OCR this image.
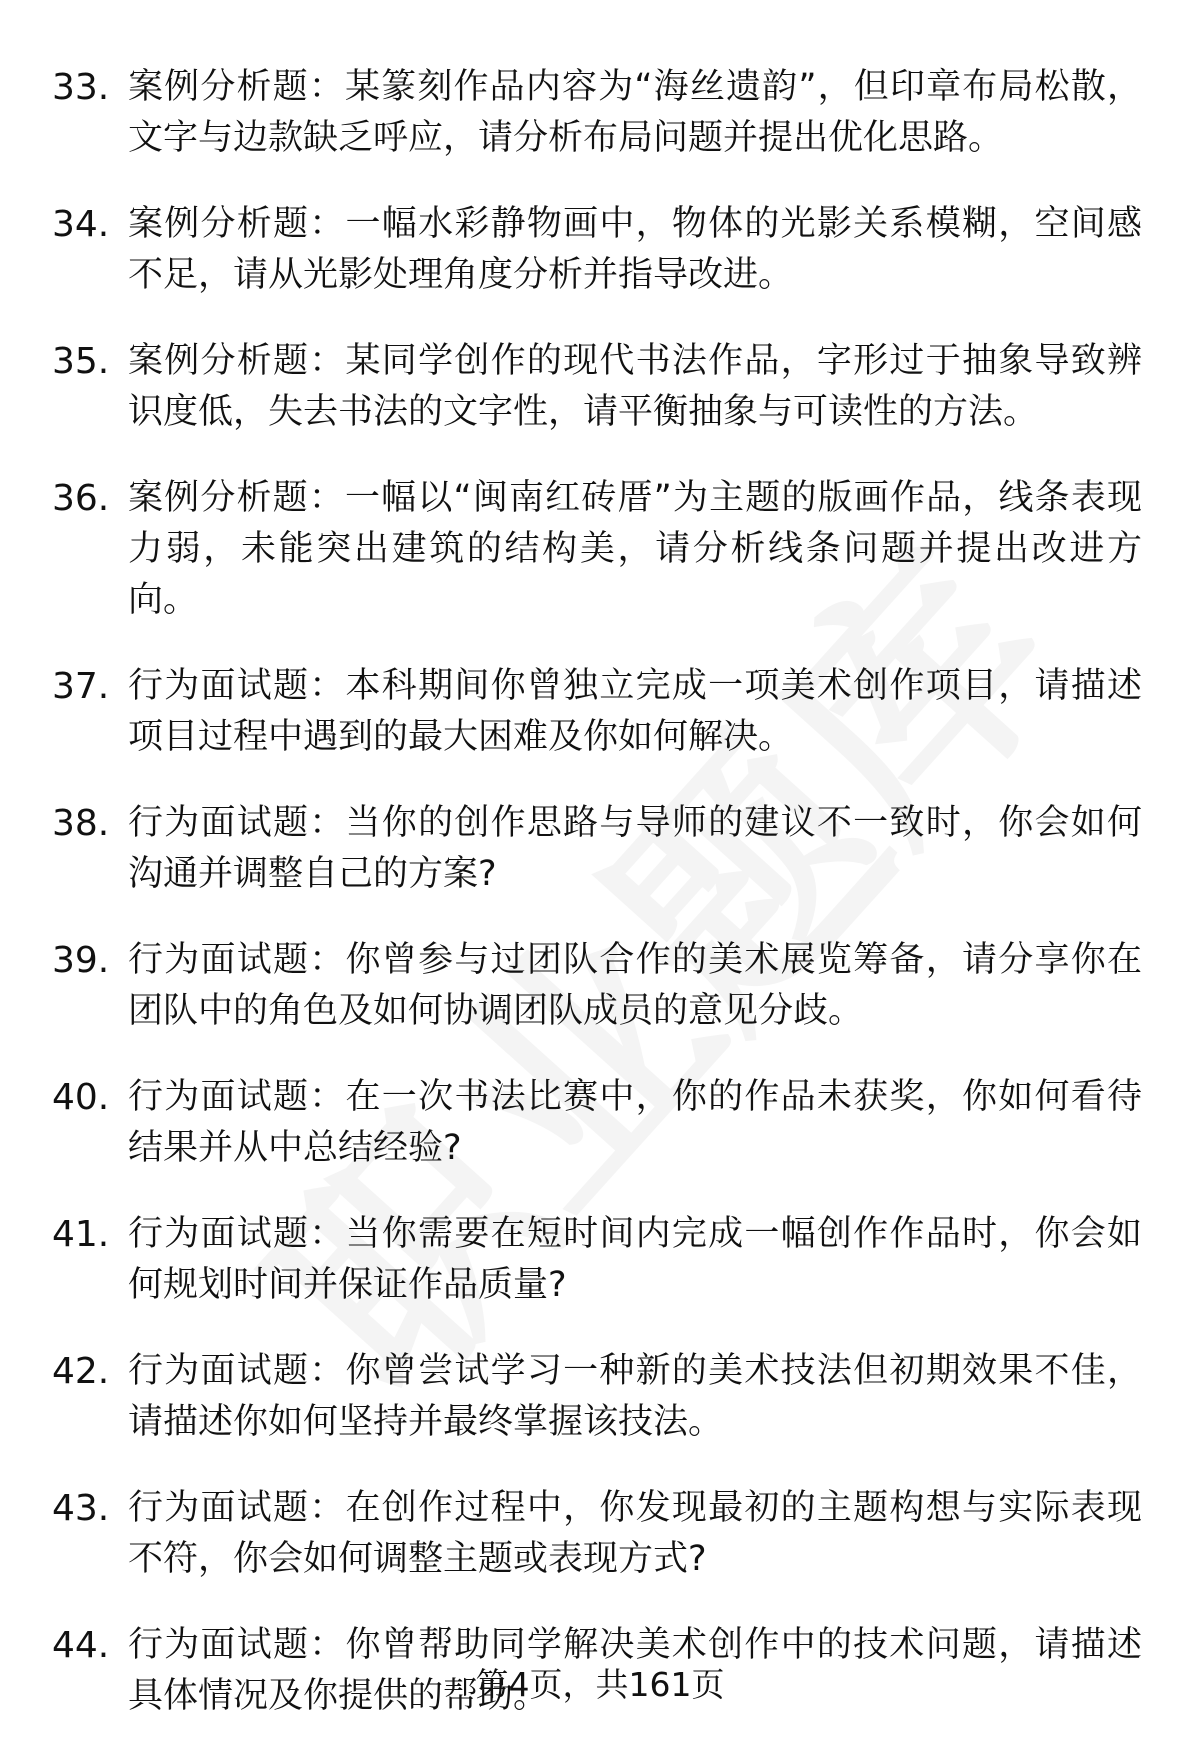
33. 案例分析题：某篆刻作品内容为“海丝遗韵”，但印章布局松散，文字与边款缺乏呼应，请分析布局问题并提出优化思路。
34. 案例分析题：一幅水彩静物画中，物体的光影关系模糊，空间感不足，请从光影处理角度分析并指导改进。
35. 案例分析题：某同学创作的现代书法作品，字形过于抽象导致辨识度低，失去书法的文字性，请平衡抽象与可读性的方法。
36. 案例分析题：一幅以“闽南红砖厝”为主题的版画作品，线条表现力弱，未能突出建筑的结构美，请分析线条问题并提出改进方向。
37. 行为面试题：本科期间你曾独立完成一项美术创作项目，请描述项目过程中遇到的最大困难及你如何解决。
38. 行为面试题：当你的创作思路与导师的建议不一致时，你会如何沟通并调整自己的方案?
39. 行为面试题：你曾参与过团队合作的美术展览筹备，请分享你在团队中的角色及如何协调团队成员的意见分歧。
40. 行为面试题：在一次书法比赛中，你的作品未获奖，你如何看待结果并从中总结经验?
41. 行为面试题：当你需要在短时间内完成一幅创作作品时，你会如何规划时间并保证作品质量?
42. 行为面试题：你曾尝试学习一种新的美术技法但初期效果不佳，请描述你如何坚持并最终掌握该技法。
43. 行为面试题：在创作过程中，你发现最初的主题构想与实际表现不符，你会如何调整主题或表现方式?
44. 行为面试题：你曾帮助同学解决美术创作中的技术问题，请描述具体情况及你提供的帮助。
第4页，共161页
